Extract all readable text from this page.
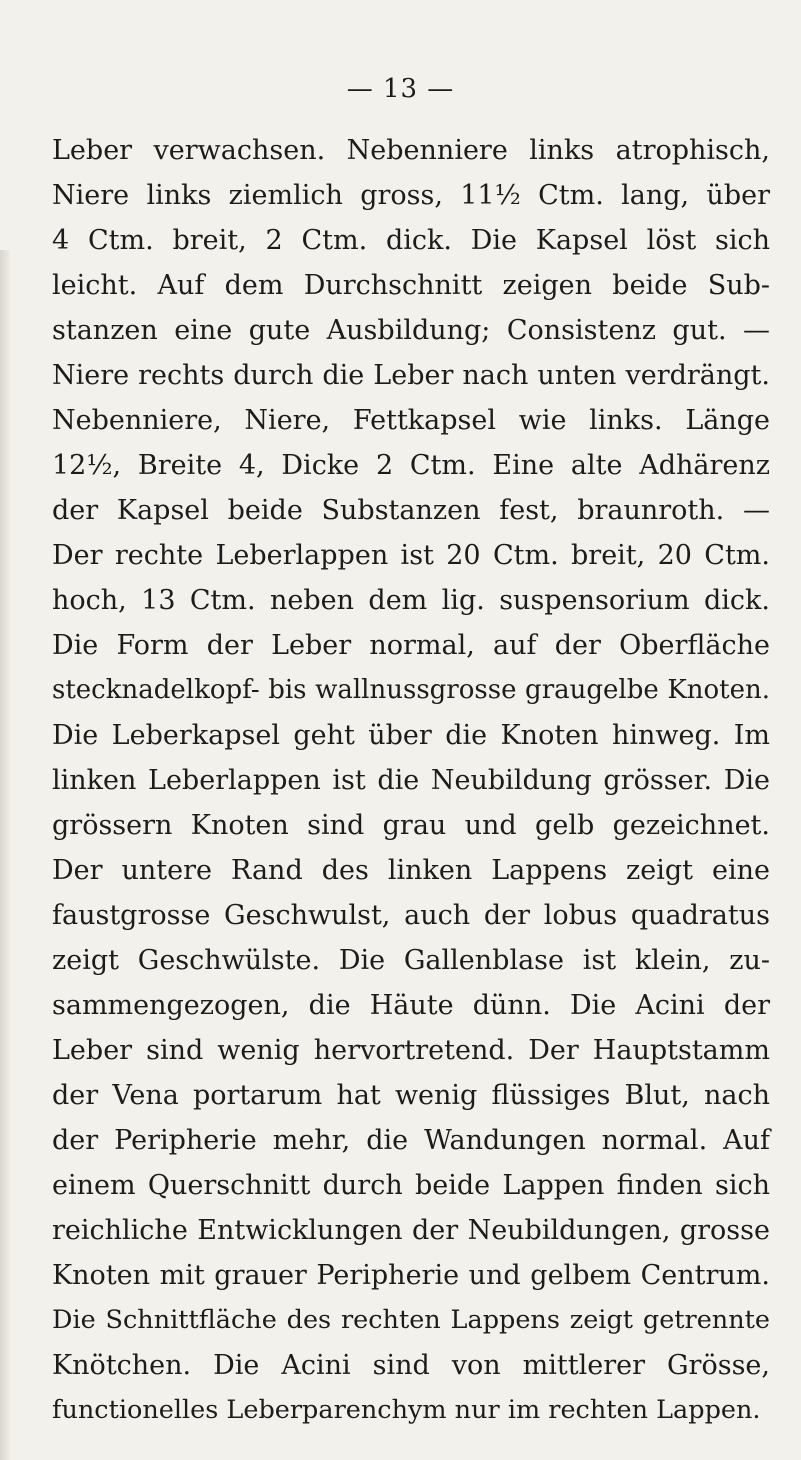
— 13 —
Leber verwachsen. Nebenniere links atrophisch,
Niere links ziemlich gross, 11½ Ctm. lang, über
4 Ctm. breit, 2 Ctm. dick. Die Kapsel löst sich
leicht. Auf dem Durchschnitt zeigen beide Sub-
stanzen eine gute Ausbildung; Consistenz gut. —
Niere rechts durch die Leber nach unten verdrängt.
Nebenniere, Niere, Fettkapsel wie links. Länge
12½, Breite 4, Dicke 2 Ctm. Eine alte Adhärenz
der Kapsel beide Substanzen fest, braunroth. —
Der rechte Leberlappen ist 20 Ctm. breit, 20 Ctm.
hoch, 13 Ctm. neben dem lig. suspensorium dick.
Die Form der Leber normal, auf der Oberfläche
stecknadelkopf- bis wallnussgrosse graugelbe Knoten.
Die Leberkapsel geht über die Knoten hinweg. Im
linken Leberlappen ist die Neubildung grösser. Die
grössern Knoten sind grau und gelb gezeichnet.
Der untere Rand des linken Lappens zeigt eine
faustgrosse Geschwulst, auch der lobus quadratus
zeigt Geschwülste. Die Gallenblase ist klein, zu-
sammengezogen, die Häute dünn. Die Acini der
Leber sind wenig hervortretend. Der Hauptstamm
der Vena portarum hat wenig flüssiges Blut, nach
der Peripherie mehr, die Wandungen normal. Auf
einem Querschnitt durch beide Lappen finden sich
reichliche Entwicklungen der Neubildungen, grosse
Knoten mit grauer Peripherie und gelbem Centrum.
Die Schnittfläche des rechten Lappens zeigt getrennte
Knötchen. Die Acini sind von mittlerer Grösse,
functionelles Leberparenchym nur im rechten Lappen.
